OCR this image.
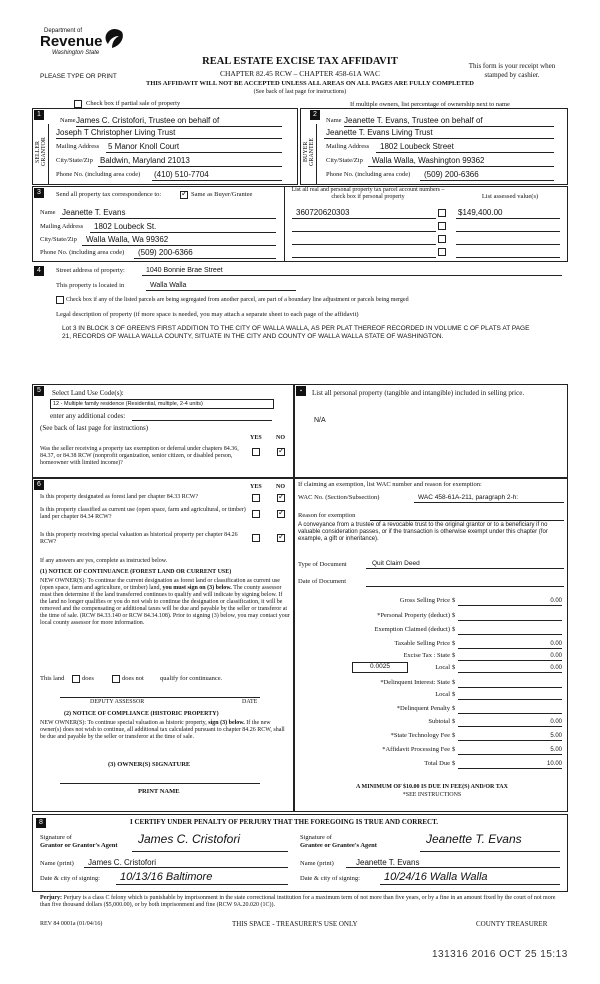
Department of
Revenue
Washington State
PLEASE TYPE OR PRINT
REAL ESTATE EXCISE TAX AFFIDAVIT
CHAPTER 82.45 RCW – CHAPTER 458-61A WAC
THIS AFFIDAVIT WILL NOT BE ACCEPTED UNLESS ALL AREAS ON ALL PAGES ARE FULLY COMPLETED
(See back of last page for instructions)
This form is your receipt when stamped by cashier.
Check box if partial sale of property	If multiple owners, list percentage of ownership next to name
1	2
SELLER GRANTOR	BUYER GRANTEE
Name James C. Cristofori, Trustee on behalf of
Joseph T Christopher Living Trust
Mailing Address 5 Manor Knoll Court
City/State/Zip Baldwin, Maryland 21013
Phone No. (including area code) (410) 510-7704
Name Jeanette T. Evans, Trustee on behalf of
Jeanette T. Evans Living Trust
Mailing Address 1802 Loubeck Street
City/State/Zip Walla Walla, Washington 99362
Phone No. (including area code) (509) 200-6366
3	Send all property tax correspondence to:
✓	Same as Buyer/Grantee
Name Jeanette T. Evans
Mailing Address 1802 Loubeck St.
City/State/Zip Walla Walla, Wa 99362
Phone No. (including area code) (509) 200-6366
List all real and personal property tax parcel account numbers – check box if personal property	List assessed value(s)
360720620303	$149,400.00
4	Street address of property:	1040 Bonnie Brae Street
This property is located in	Walla Walla
Check box if any of the listed parcels are being segregated from another parcel, are part of a boundary line adjustment or parcels being merged
Legal description of property (if more space is needed, you may attach a separate sheet to each page of the affidavit)
Lot 3 IN BLOCK 3 OF GREEN'S FIRST ADDITION TO THE CITY OF WALLA WALLA, AS PER PLAT THEREOF RECORDED IN VOLUME C OF PLATS AT PAGE 21, RECORDS OF WALLA WALLA COUNTY, SITUATE IN THE CITY AND COUNTY OF WALLA WALLA STATE OF WASHINGTON.
5	▪
Select Land Use Code(s):
12 - Multiple family residence (Residential, multiple, 2-4 units)
enter any additional codes:
(See back of last page for instructions)
YES NO
Was the seller receiving a property tax exemption or deferral under chapters 84.36, 84.37, or 84.38 RCW (nonprofit organization, senior citizen, or disabled person, homeowner with limited income)?
✓
List all personal property (tangible and intangible) included in selling price.
N/A
6	YES NO
Is this property designated as forest land per chapter 84.33 RCW?
✓
Is this property classified as current use (open space, farm and agricultural, or timber) land per chapter 84.34 RCW?
✓
Is this property receiving special valuation as historical property per chapter 84.26 RCW?
✓
If any answers are yes, complete as instructed below.
(1) NOTICE OF CONTINUANCE (FOREST LAND OR CURRENT USE)
NEW OWNER(S): To continue the current designation as forest land or classification as current use (open space, farm and agriculture, or timber) land, you must sign on (3) below. The county assessor must then determine if the land transferred continues to qualify and will indicate by signing below. If the land no longer qualifies or you do not wish to continue the designation or classification, it will be removed and the compensating or additional taxes will be due and payable by the seller or transferor at the time of sale. (RCW 84.33.140 or RCW 84.34.108). Prior to signing (3) below, you may contact your local county assessor for more information.
This land	does	does not qualify for continuance.
DEPUTY ASSESSOR	DATE
(2) NOTICE OF COMPLIANCE (HISTORIC PROPERTY)
NEW OWNER(S): To continue special valuation as historic property, sign (3) below. If the new owner(s) does not wish to continue, all additional tax calculated pursuant to chapter 84.26 RCW, shall be due and payable by the seller or transferor at the time of sale.
(3) OWNER(S) SIGNATURE
PRINT NAME
If claiming an exemption, list WAC number and reason for exemption:
WAC No. (Section/Subsection)	WAC 458-61A-211, paragraph 2-h:
Reason for exemption
A conveyance from a trustee of a revocable trust to the original grantor or to a beneficiary if no valuable consideration passes, or if the transaction is otherwise exempt under this chapter (for example, a gift or inheritance).
Type of Document	Quit Claim Deed
Date of Document
Gross Selling Price $	0.00
*Personal Property (deduct) $
Exemption Claimed (deduct) $
Taxable Selling Price $	0.00
Excise Tax : State $	0.00
Local $	0.00
*Delinquent Interest: State $
Local $
*Delinquent Penalty $
Subtotal $	0.00
*State Technology Fee $	5.00
*Affidavit Processing Fee $	5.00
Total Due $	10.00
0.0025
A MINIMUM OF $10.00 IS DUE IN FEE(S) AND/OR TAX
*SEE INSTRUCTIONS
8	I CERTIFY UNDER PENALTY OF PERJURY THAT THE FOREGOING IS TRUE AND CORRECT.
Signature of
Grantor or Grantor's Agent James C. Cristofori
Name (print) James C. Cristofori
Date & city of signing: 10/13/16 Baltimore
Signature of
Grantee or Grantee's Agent	Jeanette T. Evans
Name (print)	Jeanette T. Evans
Date & city of signing: 10/24/16 Walla Walla
Perjury: Perjury is a class C felony which is punishable by imprisonment in the state correctional institution for a maximum term of not more than five years, or by a fine in an amount fixed by the court of not more than five thousand dollars ($5,000.00), or by both imprisonment and fine (RCW 9A.20.020 (1C)).
REV 84 0001a (01/04/16)	THIS SPACE - TREASURER'S USE ONLY	COUNTY TREASURER
131316 2016 OCT 25 15:13
